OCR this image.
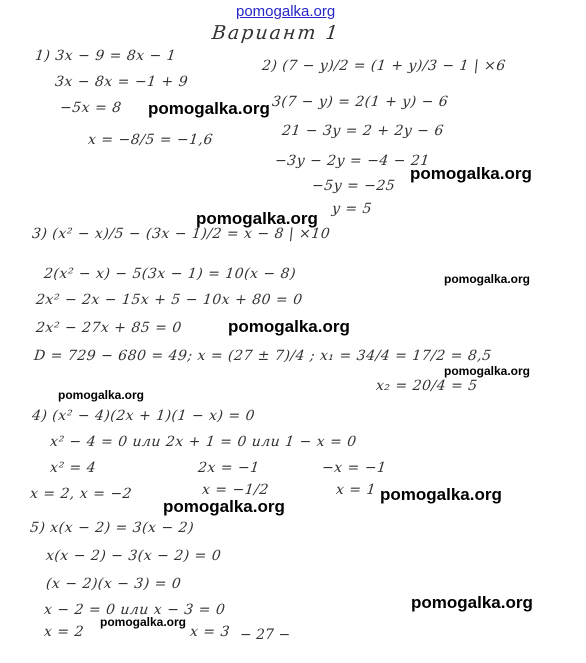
pomogalka.org
Вариант 1
1) 3x − 9 = 8x − 1
3x − 8x = −1 + 9
−5x = 8
x = −8/5 = −1,6
2) (7 − y)/2 = (1 + y)/3 − 1 | ×6
3(7 − y) = 2(1 + y) − 6
21 − 3y = 2 + 2y − 6
−3y − 2y = −4 − 21
−5y = −25
y = 5
3) (x² − x)/5 − (3x − 1)/2 = x − 8 | ×10
2(x² − x) − 5(3x − 1) = 10(x − 8)
2x² − 2x − 15x + 5 − 10x + 80 = 0
2x² − 27x + 85 = 0
D = 729 − 680 = 49; x = (27 ± 7)/4 ; x₁ = 34/4 = 17/2 = 8,5
x₂ = 20/4 = 5
4) (x² − 4)(2x + 1)(1 − x) = 0
x² − 4 = 0 или 2x + 1 = 0 или 1 − x = 0
x² = 4	2x = −1	−x = −1
x = 2, x = −2	x = −1/2	x = 1
5) x(x − 2) = 3(x − 2)
x(x − 2) − 3(x − 2) = 0
(x − 2)(x − 3) = 0
x − 2 = 0 или x − 3 = 0
x = 2	x = 3 − 27 −
pomogalka.org
pomogalka.org
pomogalka.org
pomogalka.org
pomogalka.org
pomogalka.org
pomogalka.org
pomogalka.org
pomogalka.org
pomogalka.org
pomogalka.org
